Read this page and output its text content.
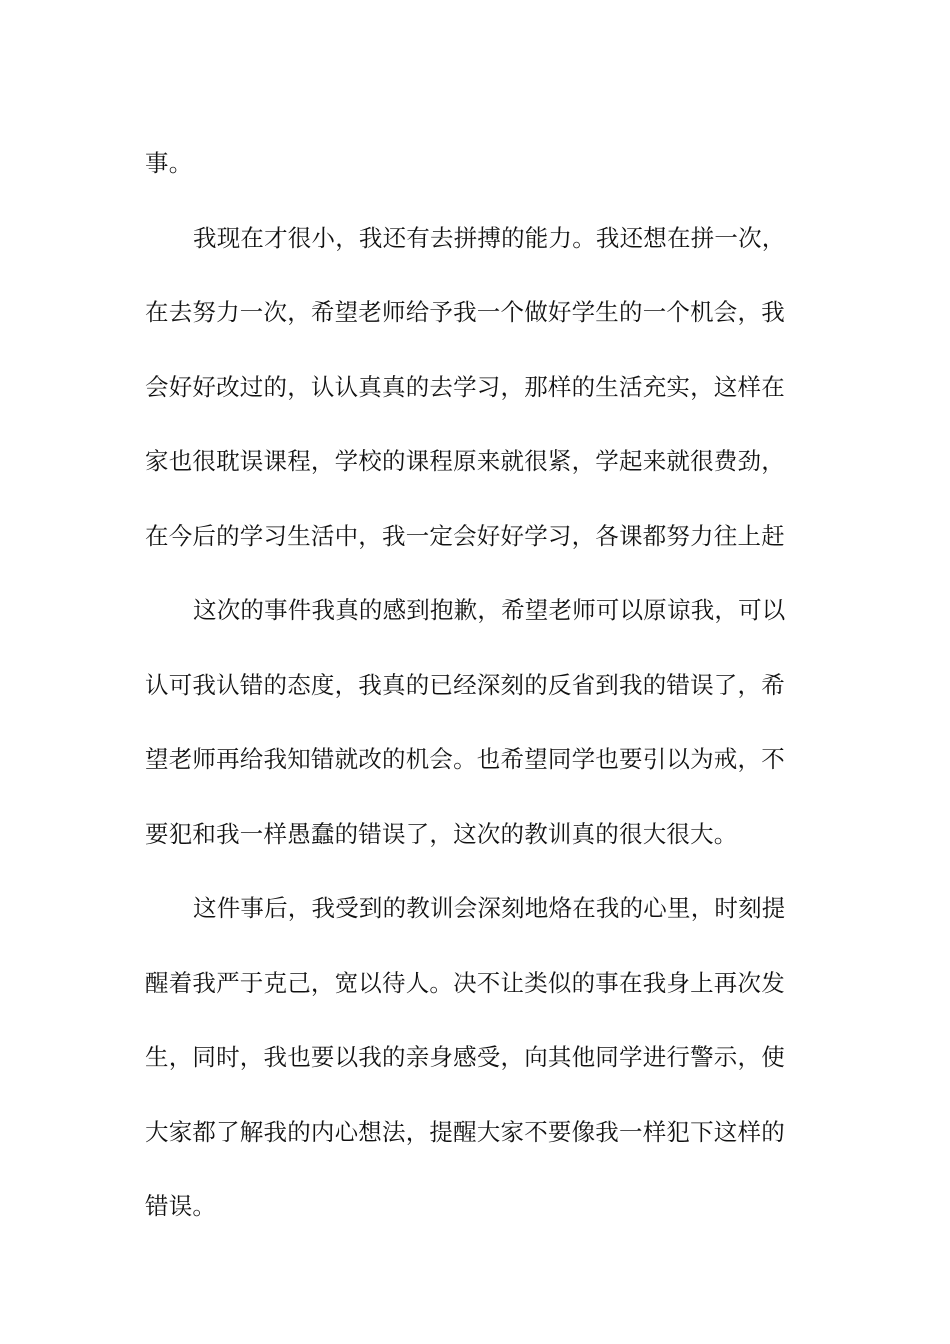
事。
我现在才很小，我还有去拼搏的能力。我还想在拼一次，
在去努力一次，希望老师给予我一个做好学生的一个机会，我
会好好改过的，认认真真的去学习，那样的生活充实，这样在
家也很耽误课程，学校的课程原来就很紧，学起来就很费劲，
在今后的学习生活中，我一定会好好学习，各课都努力往上赶
这次的事件我真的感到抱歉，希望老师可以原谅我，可以
认可我认错的态度，我真的已经深刻的反省到我的错误了，希
望老师再给我知错就改的机会。也希望同学也要引以为戒，不
要犯和我一样愚蠢的错误了，这次的教训真的很大很大。
这件事后，我受到的教训会深刻地烙在我的心里，时刻提
醒着我严于克己，宽以待人。决不让类似的事在我身上再次发
生，同时，我也要以我的亲身感受，向其他同学进行警示，使
大家都了解我的内心想法，提醒大家不要像我一样犯下这样的
错误。
